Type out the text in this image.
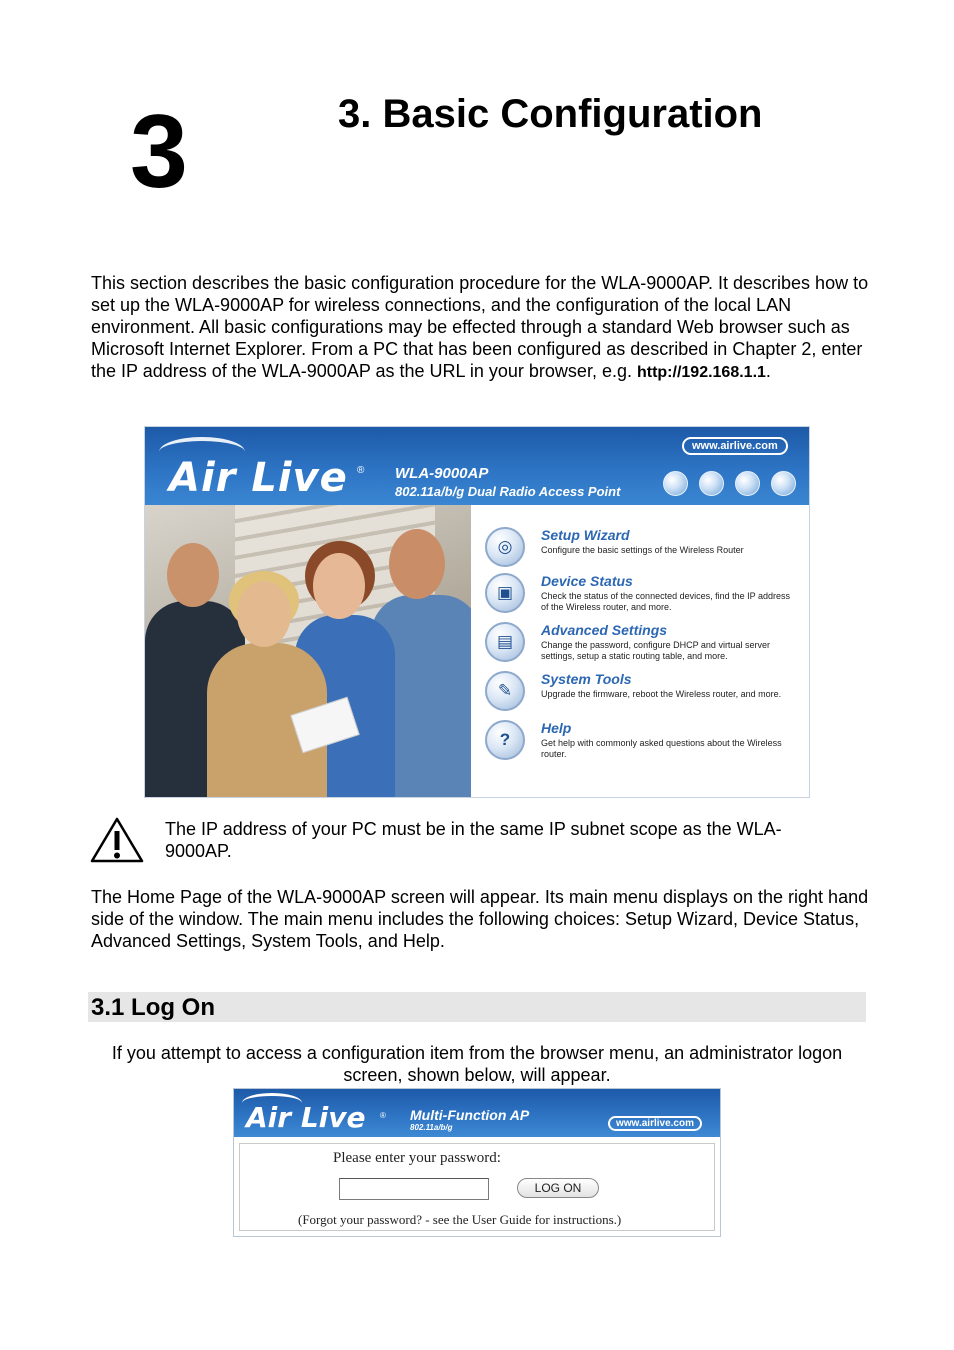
3	3. Basic Configuration

This section describes the basic configuration procedure for the WLA-9000AP. It describes how to set up the WLA-9000AP for wireless connections, and the configuration of the local LAN environment. All basic configurations may be effected through a standard Web browser such as Microsoft Internet Explorer. From a PC that has been configured as described in Chapter 2, enter the IP address of the WLA-9000AP as the URL in your browser, e.g. http://192.168.1.1.

Air Live ® WLA-9000AP
802.11a/b/g Dual Radio Access Point
www.airlive.com
◎
Setup Wizard
Configure the basic settings of the Wireless Router
▣
Device Status
Check the status of the connected devices, find the IP address of the Wireless router, and more.
▤
Advanced Settings
Change the password, configure DHCP and virtual server settings, setup a static routing table, and more.
✎
System Tools
Upgrade the firmware, reboot the Wireless router, and more.
?
Help
Get help with commonly asked questions about the Wireless router.

The IP address of your PC must be in the same IP subnet scope as the WLA-9000AP.

The Home Page of the WLA-9000AP screen will appear. Its main menu displays on the right hand side of the window. The main menu includes the following choices: Setup Wizard, Device Status, Advanced Settings, System Tools, and Help.

3.1 Log On

If you attempt to access a configuration item from the browser menu, an administrator logon screen, shown below, will appear.

Air Live ® Multi-Function AP
802.11a/b/g	www.airlive.com
Please enter your password:
LOG ON
(Forgot your password? - see the User Guide for instructions.)
